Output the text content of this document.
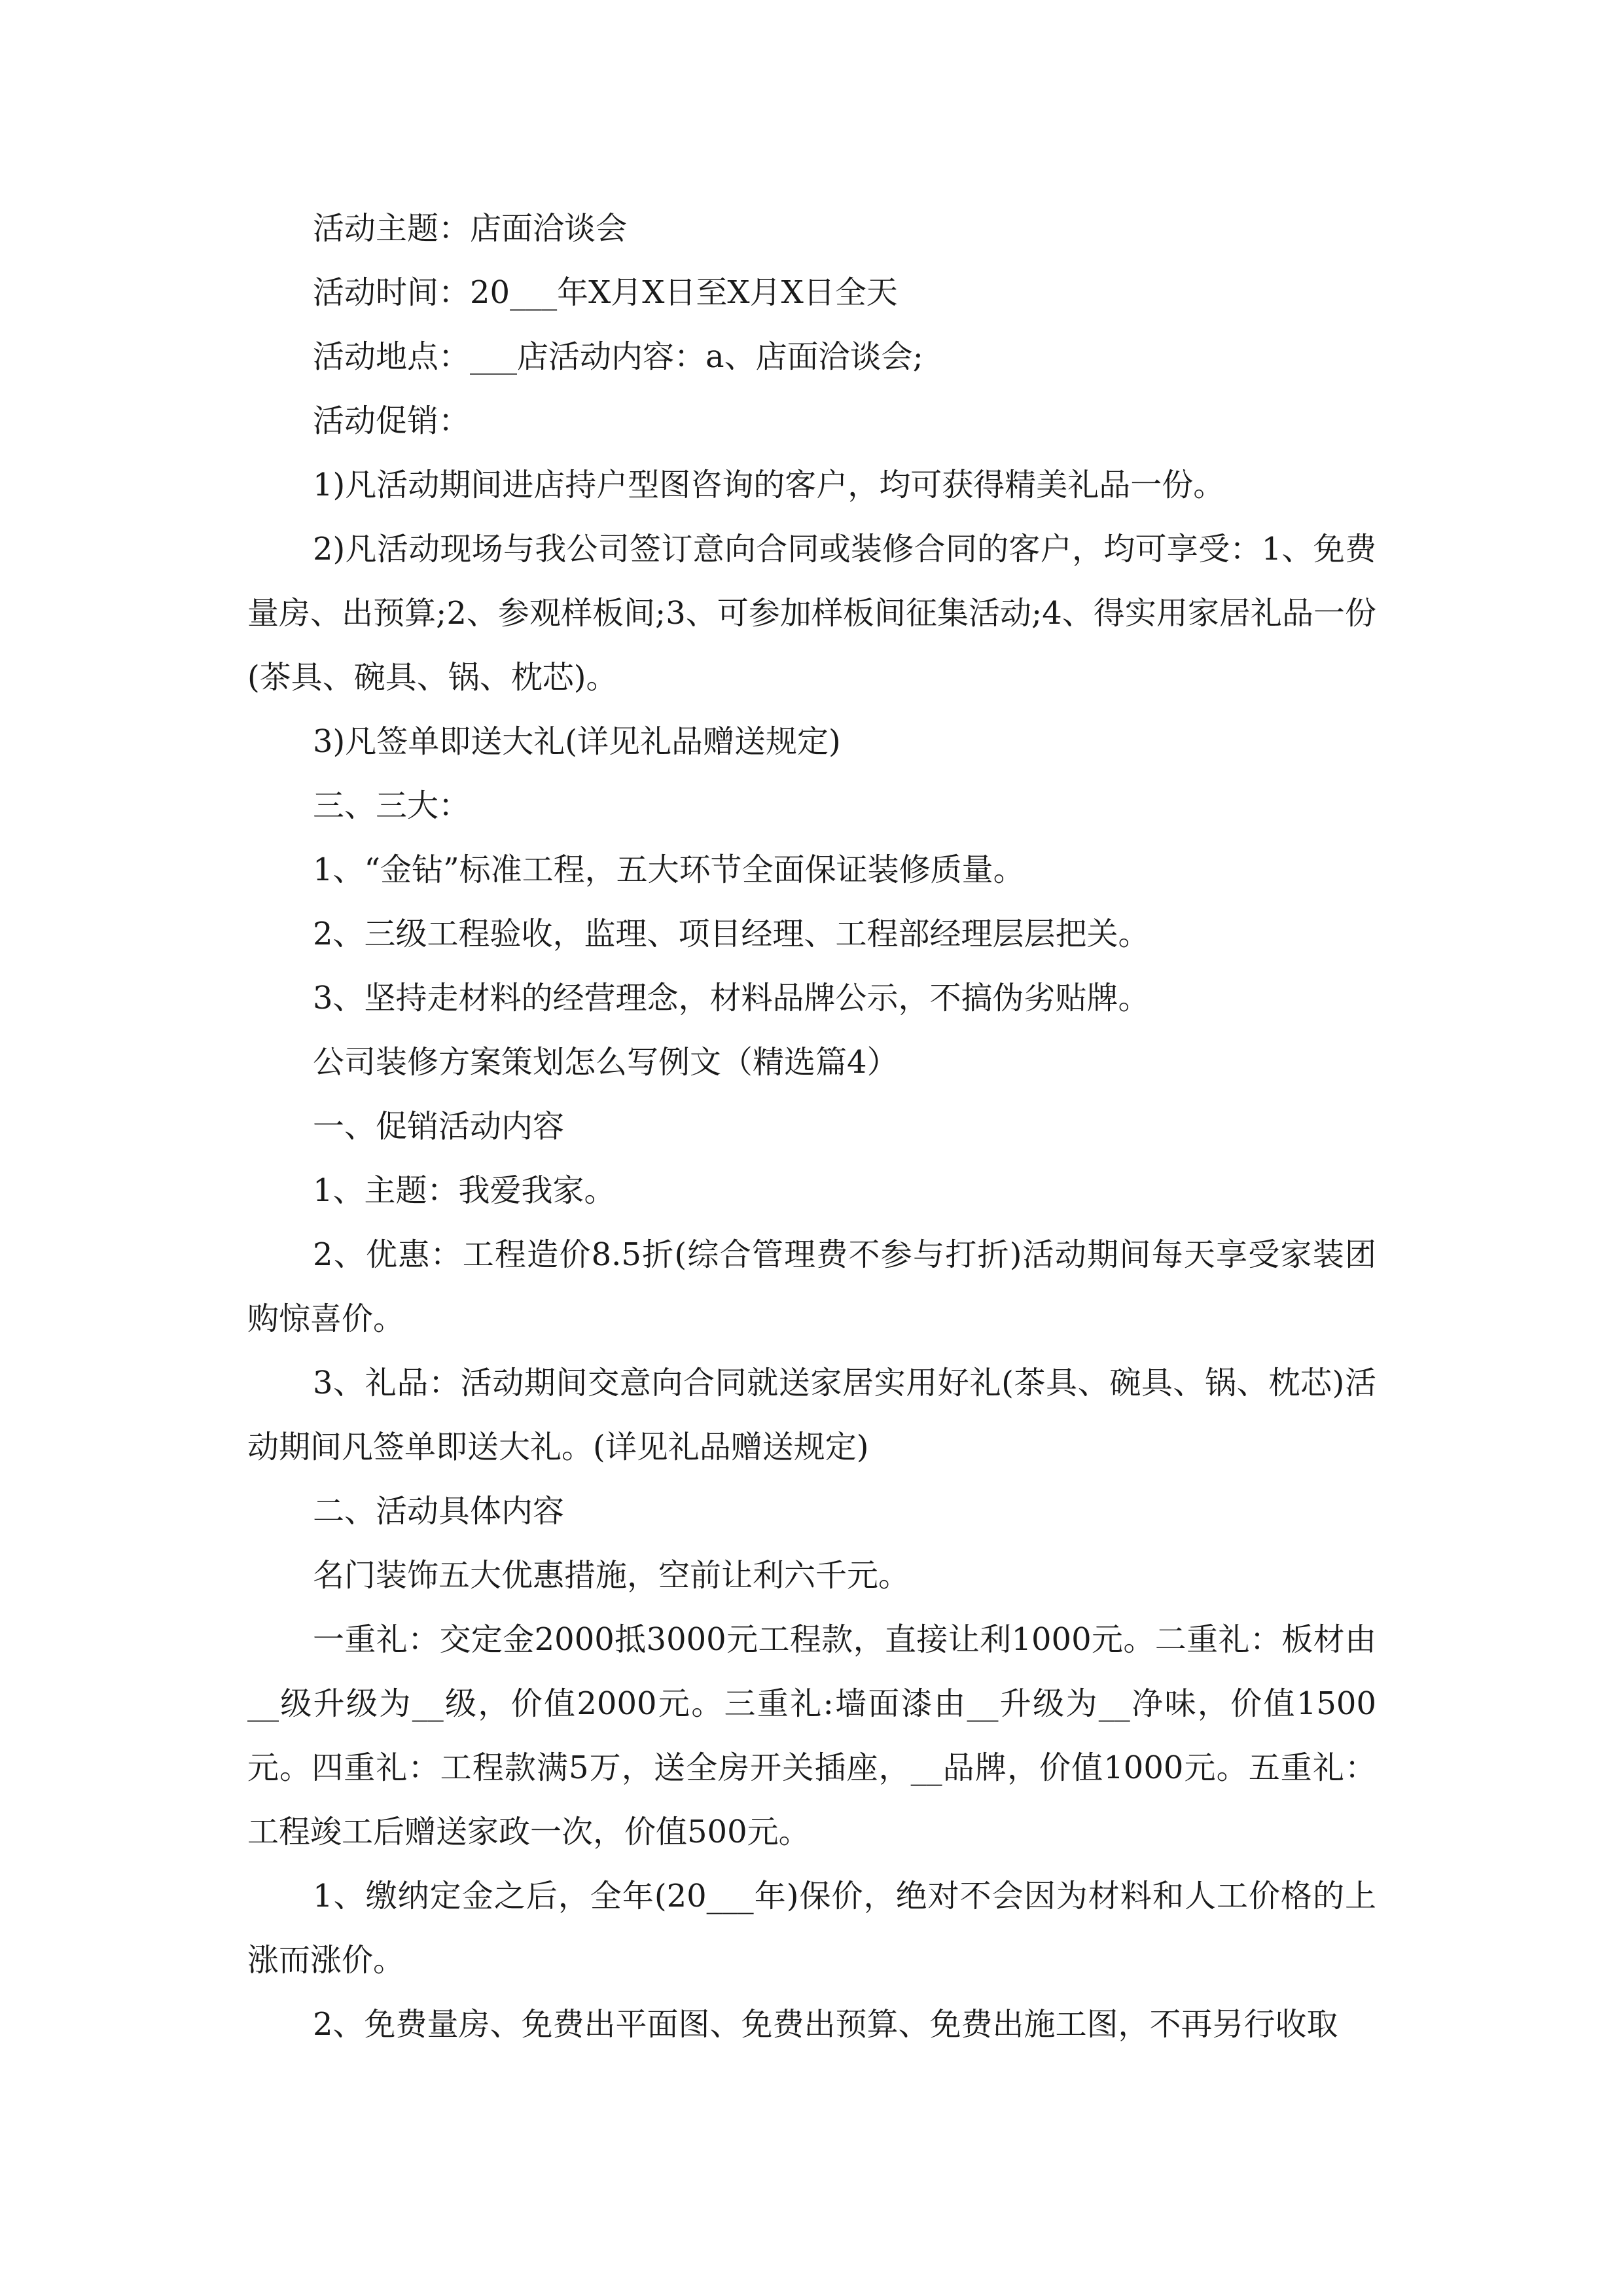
活动主题：店面洽谈会

活动时间：20___年X月X日至X月X日全天

活动地点：___店活动内容：a、店面洽谈会;

活动促销：

1)凡活动期间进店持户型图咨询的客户，均可获得精美礼品一份。

2)凡活动现场与我公司签订意向合同或装修合同的客户，均可享受：1、免费量房、出预算;2、参观样板间;3、可参加样板间征集活动;4、得实用家居礼品一份(茶具、碗具、锅、枕芯)。

3)凡签单即送大礼(详见礼品赠送规定)

三、三大：

1、“金钻”标准工程，五大环节全面保证装修质量。

2、三级工程验收，监理、项目经理、工程部经理层层把关。

3、坚持走材料的经营理念，材料品牌公示，不搞伪劣贴牌。

公司装修方案策划怎么写例文（精选篇4）

一、促销活动内容

1、主题：我爱我家。

2、优惠：工程造价8.5折(综合管理费不参与打折)活动期间每天享受家装团购惊喜价。

3、礼品：活动期间交意向合同就送家居实用好礼(茶具、碗具、锅、枕芯)活动期间凡签单即送大礼。(详见礼品赠送规定)

二、活动具体内容

名门装饰五大优惠措施，空前让利六千元。

一重礼：交定金2000抵3000元工程款，直接让利1000元。二重礼：板材由__级升级为__级，价值2000元。三重礼:墙面漆由__升级为__净味，价值1500元。四重礼：工程款满5万，送全房开关插座，__品牌，价值1000元。五重礼：工程竣工后赠送家政一次，价值500元。

1、缴纳定金之后，全年(20___年)保价，绝对不会因为材料和人工价格的上涨而涨价。

2、免费量房、免费出平面图、免费出预算、免费出施工图，不再另行收取
